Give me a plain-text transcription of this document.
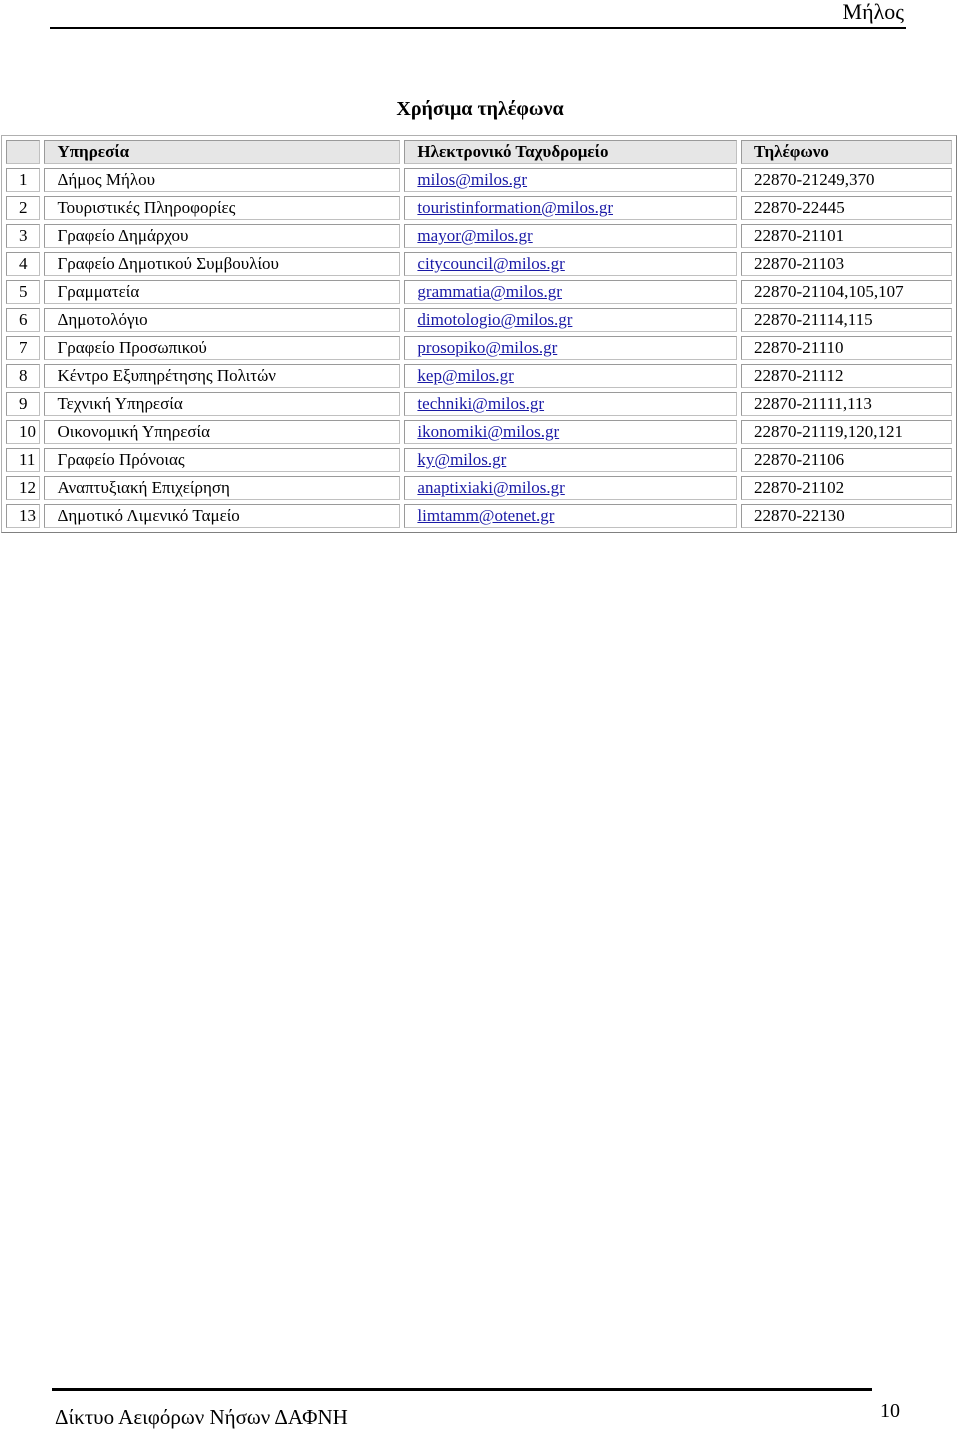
Μήλος
Χρήσιμα τηλέφωνα
	Υπηρεσία	Ηλεκτρονικό Ταχυδρομείο	Τηλέφωνο
1	Δήμος Μήλου	milos@milos.gr	22870-21249,370
2	Τουριστικές Πληροφορίες	touristinformation@milos.gr	22870-22445
3	Γραφείο Δημάρχου	mayor@milos.gr	22870-21101
4	Γραφείο Δημοτικού Συμβουλίου	citycouncil@milos.gr	22870-21103
5	Γραμματεία	grammatia@milos.gr	22870-21104,105,107
6	Δημοτολόγιο	dimotologio@milos.gr	22870-21114,115
7	Γραφείο Προσωπικού	prosopiko@milos.gr	22870-21110
8	Κέντρο Εξυπηρέτησης Πολιτών	kep@milos.gr	22870-21112
9	Τεχνική Υπηρεσία	techniki@milos.gr	22870-21111,113
10	Οικονομική Υπηρεσία	ikonomiki@milos.gr	22870-21119,120,121
11	Γραφείο Πρόνοιας	ky@milos.gr	22870-21106
12	Αναπτυξιακή Επιχείρηση	anaptixiaki@milos.gr	22870-21102
13	Δημοτικό Λιμενικό Ταμείο	limtamm@otenet.gr	22870-22130
Δίκτυο Αειφόρων Νήσων ΔΑΦΝΗ	10
